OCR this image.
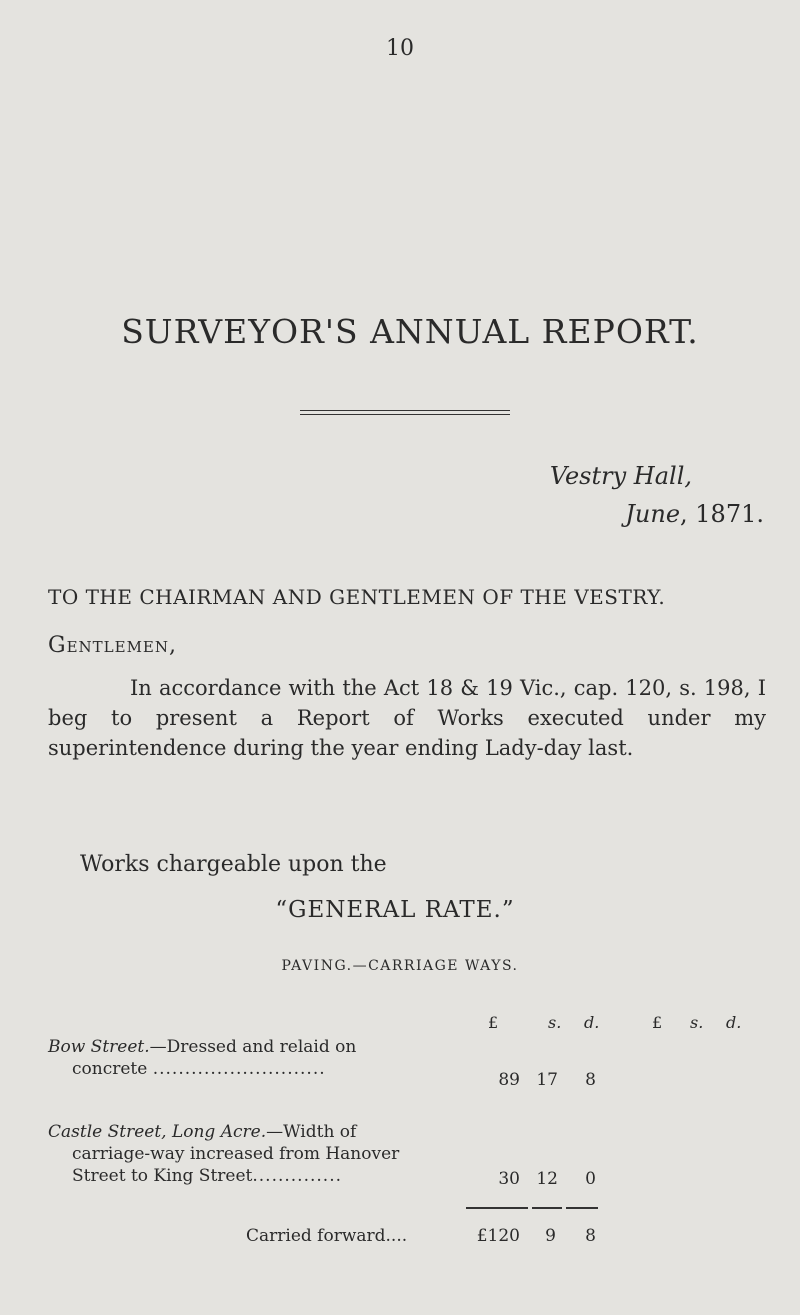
10
SURVEYOR'S ANNUAL REPORT.
Vestry Hall,
June, 1871.
TO THE CHAIRMAN AND GENTLEMEN OF THE VESTRY.
Gentlemen,
In accordance with the Act 18 & 19 Vic., cap. 120, s. 198, I beg to present a Report of Works executed under my superintendence during the year ending Lady-day last.
Works chargeable upon the
“GENERAL RATE.”
PAVING.—CARRIAGE WAYS.
£	s. d.	£ s. d.
Bow Street.—Dressed and relaid on
concrete ...........................
89 17	8
Castle Street, Long Acre.—Width of
carriage-way increased from Hanover
Street to King Street..............	30 12	0
Carried forward....	£120	9	8
